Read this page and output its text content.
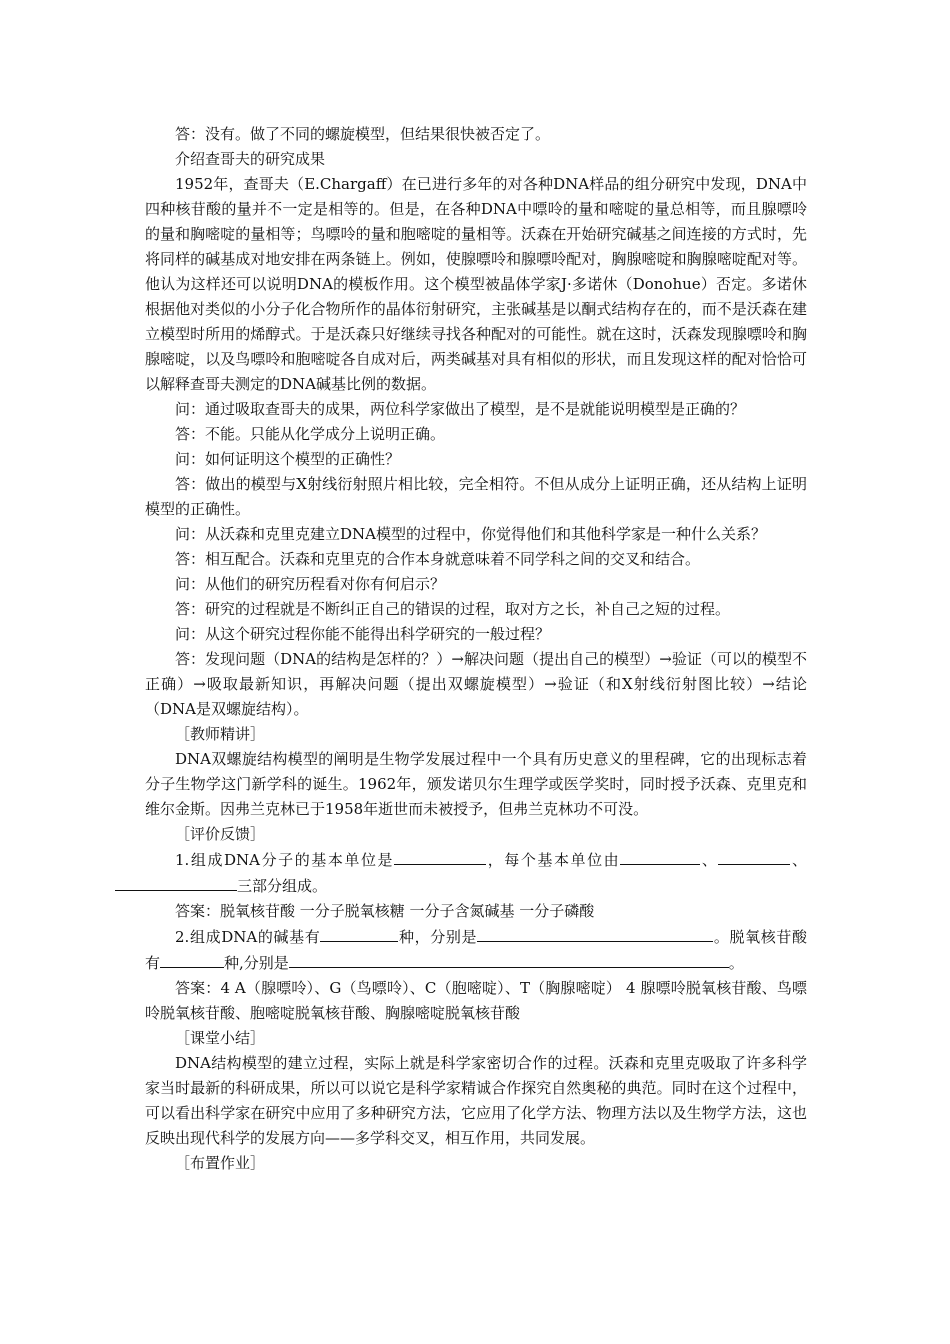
答：没有。做了不同的螺旋模型，但结果很快被否定了。

介绍查哥夫的研究成果

1952年，查哥夫（E.Chargaff）在已进行多年的对各种DNA样品的组分研究中发现，DNA中四种核苷酸的量并不一定是相等的。但是，在各种DNA中嘌呤的量和嘧啶的量总相等，而且腺嘌呤的量和胸嘧啶的量相等；鸟嘌呤的量和胞嘧啶的量相等。沃森在开始研究碱基之间连接的方式时，先将同样的碱基成对地安排在两条链上。例如，使腺嘌呤和腺嘌呤配对，胸腺嘧啶和胸腺嘧啶配对等。他认为这样还可以说明DNA的模板作用。这个模型被晶体学家J·多诺休（Donohue）否定。多诺休根据他对类似的小分子化合物所作的晶体衍射研究，主张碱基是以酮式结构存在的，而不是沃森在建立模型时所用的烯醇式。于是沃森只好继续寻找各种配对的可能性。就在这时，沃森发现腺嘌呤和胸腺嘧啶，以及鸟嘌呤和胞嘧啶各自成对后，两类碱基对具有相似的形状，而且发现这样的配对恰恰可以解释查哥夫测定的DNA碱基比例的数据。

问：通过吸取查哥夫的成果，两位科学家做出了模型，是不是就能说明模型是正确的？

答：不能。只能从化学成分上说明正确。

问：如何证明这个模型的正确性？

答：做出的模型与X射线衍射照片相比较，完全相符。不但从成分上证明正确，还从结构上证明模型的正确性。

问：从沃森和克里克建立DNA模型的过程中，你觉得他们和其他科学家是一种什么关系？

答：相互配合。沃森和克里克的合作本身就意味着不同学科之间的交叉和结合。

问：从他们的研究历程看对你有何启示？

答：研究的过程就是不断纠正自己的错误的过程，取对方之长，补自己之短的过程。

问：从这个研究过程你能不能得出科学研究的一般过程？

答：发现问题（DNA的结构是怎样的？）→解决问题（提出自己的模型）→验证（可以的模型不正确）→吸取最新知识，再解决问题（提出双螺旋模型）→验证（和X射线衍射图比较）→结论（DNA是双螺旋结构）。

［教师精讲］

DNA双螺旋结构模型的阐明是生物学发展过程中一个具有历史意义的里程碑，它的出现标志着分子生物学这门新学科的诞生。1962年，颁发诺贝尔生理学或医学奖时，同时授予沃森、克里克和维尔金斯。因弗兰克林已于1958年逝世而未被授予，但弗兰克林功不可没。

［评价反馈］

1.组成DNA分子的基本单位是	，每个基本单位由	、	、三部分组成。

答案：脱氧核苷酸 一分子脱氧核糖 一分子含氮碱基 一分子磷酸

2.组成DNA的碱基有	种，分别是	。脱氧核苷酸有	种,分别是	。

答案：4 A（腺嘌呤）、G（鸟嘌呤）、C（胞嘧啶）、T（胸腺嘧啶） 4 腺嘌呤脱氧核苷酸、鸟嘌呤脱氧核苷酸、胞嘧啶脱氧核苷酸、胸腺嘧啶脱氧核苷酸

［课堂小结］

DNA结构模型的建立过程，实际上就是科学家密切合作的过程。沃森和克里克吸取了许多科学家当时最新的科研成果，所以可以说它是科学家精诚合作探究自然奥秘的典范。同时在这个过程中，可以看出科学家在研究中应用了多种研究方法，它应用了化学方法、物理方法以及生物学方法，这也反映出现代科学的发展方向——多学科交叉，相互作用，共同发展。

［布置作业］
